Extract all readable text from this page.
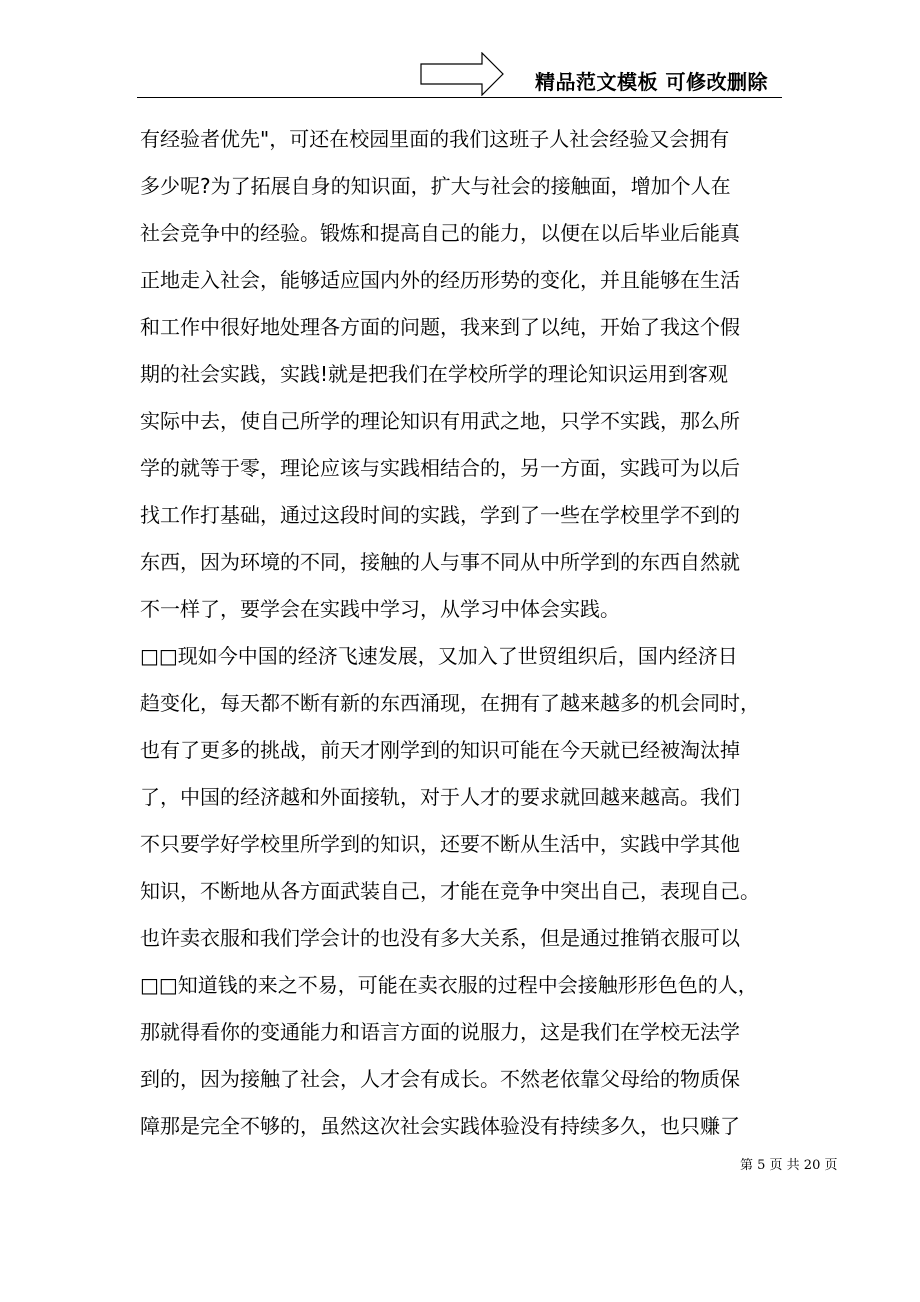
精品范文模板 可修改删除
有经验者优先"，可还在校园里面的我们这班子人社会经验又会拥有
多少呢?为了拓展自身的知识面，扩大与社会的接触面，增加个人在
社会竞争中的经验。锻炼和提高自己的能力，以便在以后毕业后能真
正地走入社会，能够适应国内外的经历形势的变化，并且能够在生活
和工作中很好地处理各方面的问题，我来到了以纯，开始了我这个假
期的社会实践，实践!就是把我们在学校所学的理论知识运用到客观
实际中去，使自己所学的理论知识有用武之地，只学不实践，那么所
学的就等于零，理论应该与实践相结合的，另一方面，实践可为以后
找工作打基础，通过这段时间的实践，学到了一些在学校里学不到的
东西，因为环境的不同，接触的人与事不同从中所学到的东西自然就
不一样了，要学会在实践中学习，从学习中体会实践。
□□现如今中国的经济飞速发展，又加入了世贸组织后，国内经济日
趋变化，每天都不断有新的东西涌现，在拥有了越来越多的机会同时，
也有了更多的挑战，前天才刚学到的知识可能在今天就已经被淘汰掉
了，中国的经济越和外面接轨，对于人才的要求就回越来越高。我们
不只要学好学校里所学到的知识，还要不断从生活中，实践中学其他
知识，不断地从各方面武装自己，才能在竞争中突出自己，表现自己。
也许卖衣服和我们学会计的也没有多大关系，但是通过推销衣服可以
□□知道钱的来之不易，可能在卖衣服的过程中会接触形形色色的人，
那就得看你的变通能力和语言方面的说服力，这是我们在学校无法学
到的，因为接触了社会，人才会有成长。不然老依靠父母给的物质保
障那是完全不够的，虽然这次社会实践体验没有持续多久，也只赚了
第 5 页 共 20 页
